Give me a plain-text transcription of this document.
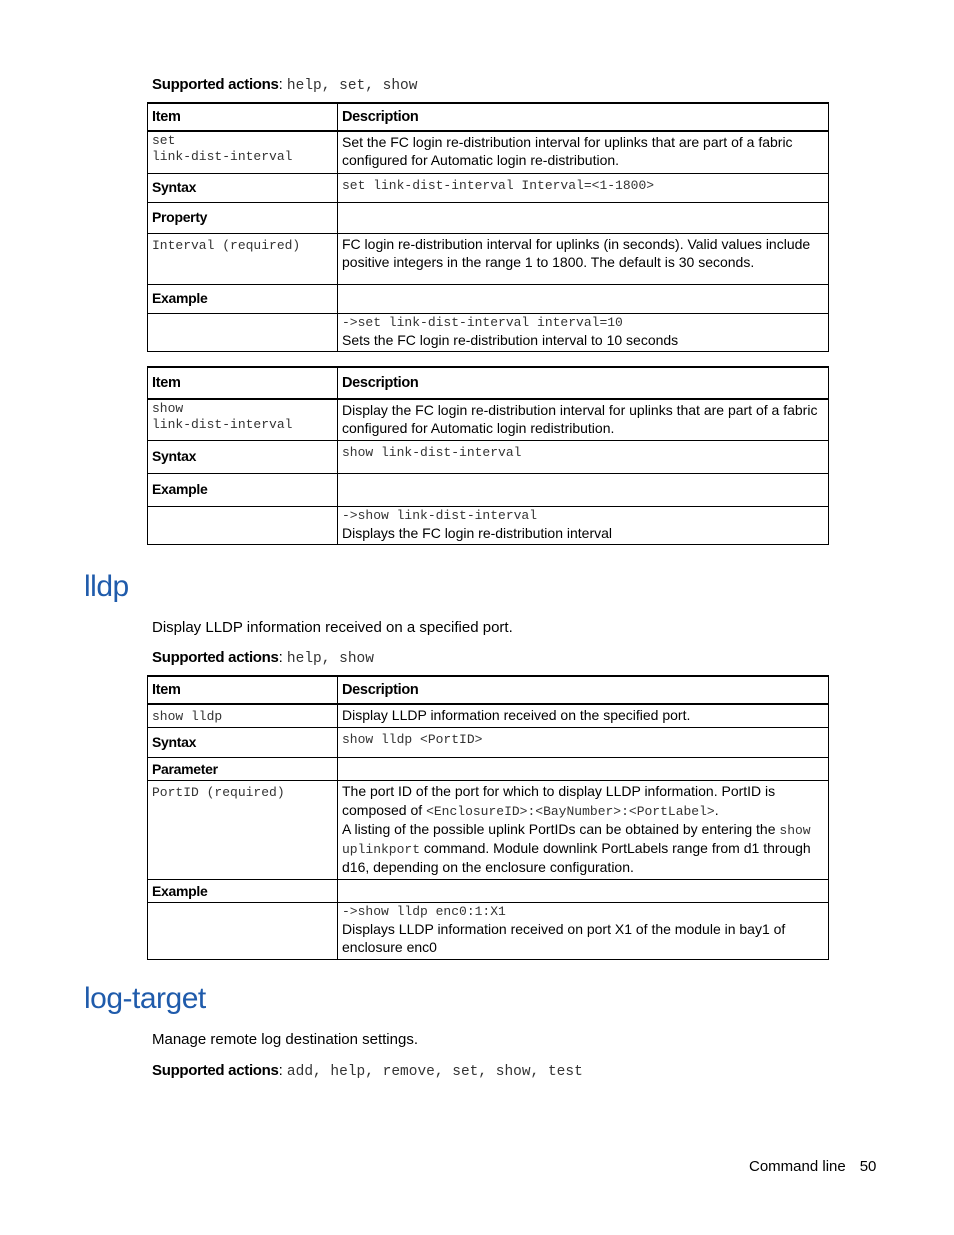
Supported actions: help, set, show
Item	Description

set
link-dist-interval	Set the FC login re-distribution interval for uplinks that are part of a fabric configured for Automatic login re-distribution.
Syntax	set link-dist-interval Interval=<1-1800>
Property	
Interval (required)	FC login re-distribution interval for uplinks (in seconds). Valid values include positive integers in the range 1 to 1800. The default is 30 seconds.
Example	

	->set link-dist-interval interval=10
Sets the FC login re-distribution interval to 10 seconds
Item	Description

show
link-dist-interval	Display the FC login re-distribution interval for uplinks that are part of a fabric configured for Automatic login redistribution.
Syntax	show link-dist-interval
Example	

	->show link-dist-interval
Displays the FC login re-distribution interval
lldp
Display LLDP information received on a specified port.
Supported actions: help, show
Item	Description
show lldp	Display LLDP information received on the specified port.
Syntax	show lldp <PortID>
Parameter	
PortID (required)	The port ID of the port for which to display LLDP information. PortID is composed of <EnclosureID>:<BayNumber>:<PortLabel>.
A listing of the possible uplink PortIDs can be obtained by entering the show uplinkport command. Module downlink PortLabels range from d1 through d16, depending on the enclosure configuration.

Example	

	->show lldp enc0:1:X1
Displays LLDP information received on port X1 of the module in bay1 of enclosure enc0
log-target
Manage remote log destination settings.
Supported actions: add, help, remove, set, show, test
Command line 50
